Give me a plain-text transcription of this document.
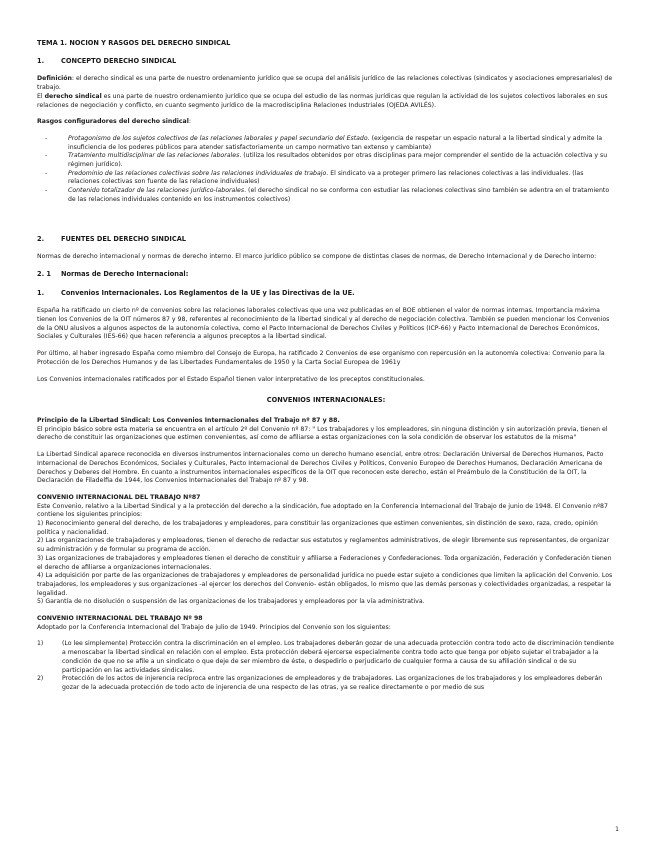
TEMA 1. NOCION Y RASGOS DEL DERECHO SINDICAL

1.	CONCEPTO DERECHO SINDICAL

Definición: el derecho sindical es una parte de nuestro ordenamiento jurídico que se ocupa del análisis jurídico de las relaciones colectivas (sindicatos y asociaciones empresariales) de trabajo.

El derecho sindical es una parte de nuestro ordenamiento jurídico que se ocupa del estudio de las normas jurídicas que regulan la actividad de los sujetos colectivos laborales en sus relaciones de negociación y conflicto, en cuanto segmento jurídico de la macrodisciplina Relaciones Industriales (OJEDA AVILÉS).

Rasgos configuradores del derecho sindical:

- Protagonismo de los sujetos colectivos de las relaciones laborales y papel secundario del Estado. (exigencia de respetar un espacio natural a la libertad sindical y admite la insuficiencia de los poderes públicos para atender satisfactoriamente un campo normativo tan extenso y cambiante)
- Tratamiento multidisciplinar de las relaciones laborales. (utiliza los resultados obtenidos por otras disciplinas para mejor comprender el sentido de la actuación colectiva y su régimen jurídico).
- Predominio de las relaciones colectivas sobre las relaciones individuales de trabajo. El sindicato va a proteger primero las relaciones colectivas a las individuales. (las relaciones colectivas son fuente de las relacione individuales)
- Contenido totalizador de las relaciones jurídico-laborales. (el derecho sindical no se conforma con estudiar las relaciones colectivas sino también se adentra en el tratamiento de las relaciones individuales contenido en los instrumentos colectivos)
2.	FUENTES DEL DERECHO SINDICAL

Normas de derecho internacional y normas de derecho interno. El marco jurídico público se compone de distintas clases de normas, de Derecho Internacional y de Derecho interno:

2. 1	Normas de Derecho Internacional:
1.	Convenios Internacionales. Los Reglamentos de la UE y las Directivas de la UE.

España ha ratificado un cierto nº de convenios sobre las relaciones laborales colectivas que una vez publicadas en el BOE obtienen el valor de normas internas. Importancia máxima tienen los Convenios de la OIT números 87 y 98, referentes al reconocimiento de la libertad sindical y al derecho de negociación colectiva. También se pueden mencionar los Convenios de la ONU alusivos a algunos aspectos de la autonomía colectiva, como el Pacto Internacional de Derechos Civiles y Políticos (ICP-66) y Pacto Internacional de Derechos Económicos, Sociales y Culturales (IES-66) que hacen referencia a algunos preceptos a la libertad sindical.

Por último, al haber ingresado España como miembro del Consejo de Europa, ha ratificado 2 Convenios de ese organismo con repercusión en la autonomía colectiva: Convenio para la Protección de los Derechos Humanos y de las Libertades Fundamentales de 1950 y la Carta Social Europea de 1961y

Los Convenios internacionales ratificados por el Estado Español tienen valor interpretativo de los preceptos constitucionales.

CONVENIOS INTERNACIONALES:

Principio de la Libertad Sindical: Los Convenios Internacionales del Trabajo nº 87 y 88.

El principio básico sobre esta materia se encuentra en el artículo 2º del Convenio nº 87: " Los trabajadores y los empleadores, sin ninguna distinción y sin autorización previa, tienen el derecho de constituir las organizaciones que estimen convenientes, así como de afiliarse a estas organizaciones con la sola condición de observar los estatutos de la misma"

La Libertad Sindical aparece reconocida en diversos instrumentos internacionales como un derecho humano esencial, entre otros: Declaración Universal de Derechos Humanos, Pacto Internacional de Derechos Económicos, Sociales y Culturales, Pacto Internacional de Derechos Civiles y Políticos, Convenio Europeo de Derechos Humanos, Declaración Americana de Derechos y Deberes del Hombre. En cuanto a instrumentos internacionales específicos de la OIT que reconocen este derecho, están el Preámbulo de la Constitución de la OIT, la Declaración de Filadelfia de 1944, los Convenios Internacionales del Trabajo nº 87 y 98.

CONVENIO INTERNACIONAL DEL TRABAJO Nº87

Este Convenio, relativo a la Libertad Sindical y a la protección del derecho a la sindicación, fue adoptado en la Conferencia Internacional del Trabajo de junio de 1948. El Convenio nº87 contiene los siguientes principios:

1) Reconocimiento general del derecho, de los trabajadores y empleadores, para constituir las organizaciones que estimen convenientes, sin distinción de sexo, raza, credo, opinión política y nacionalidad.

2) Las organizaciones de trabajadores y empleadores, tienen el derecho de redactar sus estatutos y reglamentos administrativos, de elegir libremente sus representantes, de organizar su administración y de formular su programa de acción.

3) Las organizaciones de trabajadores y empleadores tienen el derecho de constituir y afiliarse a Federaciones y Confederaciones. Toda organización, Federación y Confederación tienen el derecho de afiliarse a organizaciones internacionales.

4) La adquisición por parte de las organizaciones de trabajadores y empleadores de personalidad jurídica no puede estar sujeto a condiciones que limiten la aplicación del Convenio. Los trabajadores, los empleadores y sus organizaciones -al ejercer los derechos del Convenio- están obligados, lo mismo que las demás personas y colectividades organizadas, a respetar la legalidad.

5) Garantía de no disolución o suspensión de las organizaciones de los trabajadores y empleadores por la vía administrativa.

CONVENIO INTERNACIONAL DEL TRABAJO Nº 98

Adoptado por la Conferencia Internacional del Trabajo de julio de 1949. Principios del Convenio son los siguientes:

1)	(Lo lee simplemente) Protección contra la discriminación en el empleo. Los trabajadores deberán gozar de una adecuada protección contra todo acto de discriminación tendiente a menoscabar la libertad sindical en relación con el empleo. Esta protección deberá ejercerse especialmente contra todo acto que tenga por objeto sujetar el trabajador a la condición de que no se afile a un sindicato o que deje de ser miembro de éste, o despedirlo o perjudicarlo de cualquier forma a causa de su afiliación sindical o de su participación en las actividades sindicales.
2)	Protección de los actos de injerencia recíproca entre las organizaciones de empleadores y de trabajadores. Las organizaciones de los trabajadores y los empleadores deberán gozar de la adecuada protección de todo acto de injerencia de una respecto de las otras, ya se realice directamente o por medio de sus
1
